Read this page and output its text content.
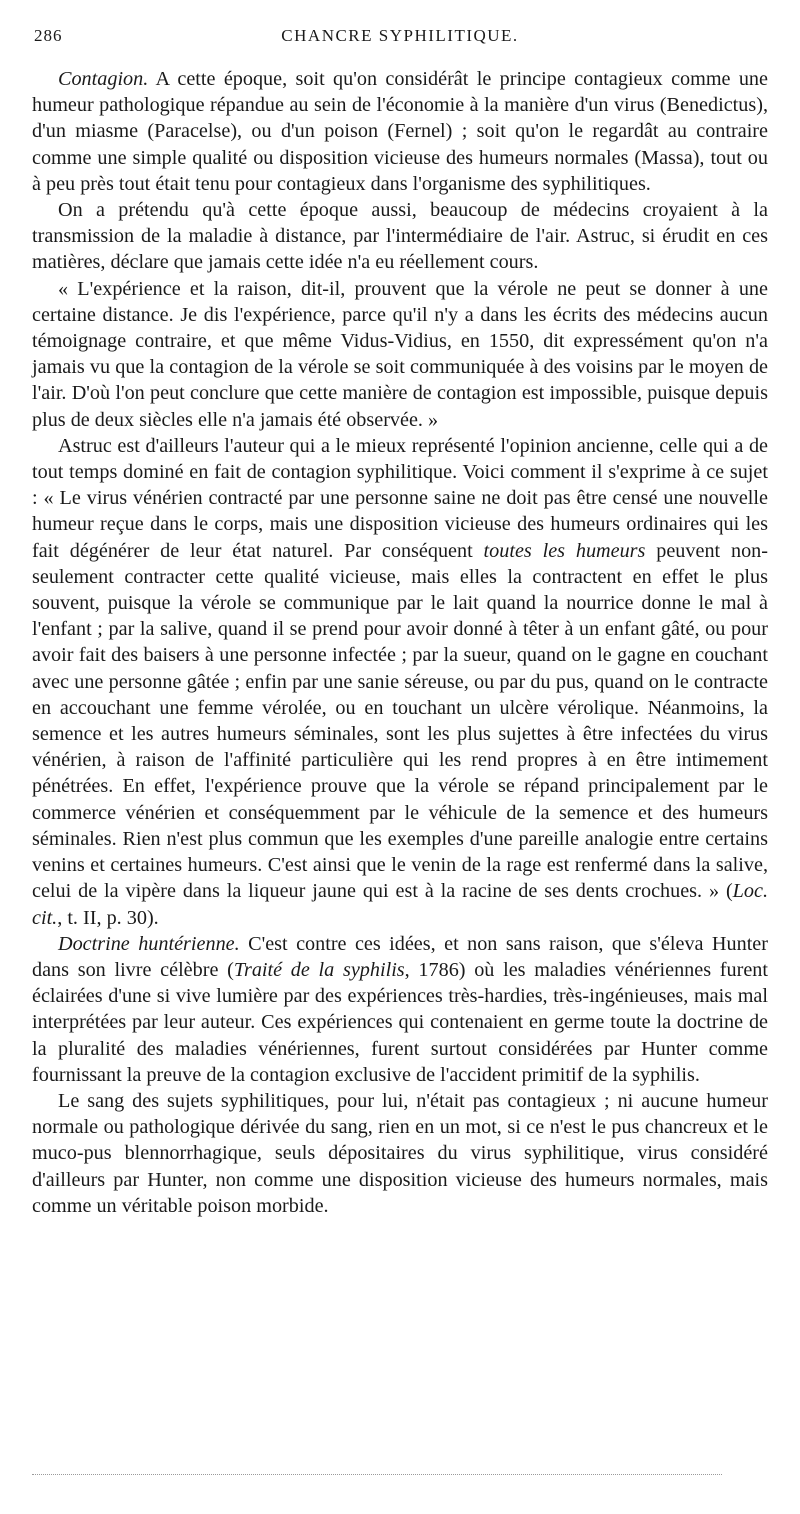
286	CHANCRE SYPHILITIQUE.

Contagion. A cette époque, soit qu'on considérât le principe contagieux comme une humeur pathologique répandue au sein de l'économie à la manière d'un virus (Benedictus), d'un miasme (Paracelse), ou d'un poison (Fernel) ; soit qu'on le regardât au contraire comme une simple qualité ou disposition vicieuse des humeurs normales (Massa), tout ou à peu près tout était tenu pour contagieux dans l'organisme des syphilitiques.

On a prétendu qu'à cette époque aussi, beaucoup de médecins croyaient à la transmission de la maladie à distance, par l'intermédiaire de l'air. Astruc, si érudit en ces matières, déclare que jamais cette idée n'a eu réellement cours.

« L'expérience et la raison, dit-il, prouvent que la vérole ne peut se donner à une certaine distance. Je dis l'expérience, parce qu'il n'y a dans les écrits des médecins aucun témoignage contraire, et que même Vidus-Vidius, en 1550, dit expressément qu'on n'a jamais vu que la contagion de la vérole se soit communiquée à des voisins par le moyen de l'air. D'où l'on peut conclure que cette manière de contagion est impossible, puisque depuis plus de deux siècles elle n'a jamais été observée. »

Astruc est d'ailleurs l'auteur qui a le mieux représenté l'opinion ancienne, celle qui a de tout temps dominé en fait de contagion syphilitique. Voici comment il s'exprime à ce sujet : « Le virus vénérien contracté par une personne saine ne doit pas être censé une nouvelle humeur reçue dans le corps, mais une disposition vicieuse des humeurs ordinaires qui les fait dégénérer de leur état naturel. Par conséquent toutes les humeurs peuvent non-seulement contracter cette qualité vicieuse, mais elles la contractent en effet le plus souvent, puisque la vérole se communique par le lait quand la nourrice donne le mal à l'enfant ; par la salive, quand il se prend pour avoir donné à têter à un enfant gâté, ou pour avoir fait des baisers à une personne infectée ; par la sueur, quand on le gagne en couchant avec une personne gâtée ; enfin par une sanie séreuse, ou par du pus, quand on le contracte en accouchant une femme vérolée, ou en touchant un ulcère vérolique. Néanmoins, la semence et les autres humeurs séminales, sont les plus sujettes à être infectées du virus vénérien, à raison de l'affinité particulière qui les rend propres à en être intimement pénétrées. En effet, l'expérience prouve que la vérole se répand principalement par le commerce vénérien et conséquemment par le véhicule de la semence et des humeurs séminales. Rien n'est plus commun que les exemples d'une pareille analogie entre certains venins et certaines humeurs. C'est ainsi que le venin de la rage est renfermé dans la salive, celui de la vipère dans la liqueur jaune qui est à la racine de ses dents crochues. » (Loc. cit., t. II, p. 30).

Doctrine huntérienne. C'est contre ces idées, et non sans raison, que s'éleva Hunter dans son livre célèbre (Traité de la syphilis, 1786) où les maladies vénériennes furent éclairées d'une si vive lumière par des expériences très-hardies, très-ingénieuses, mais mal interprétées par leur auteur. Ces expériences qui contenaient en germe toute la doctrine de la pluralité des maladies vénériennes, furent surtout considérées par Hunter comme fournissant la preuve de la contagion exclusive de l'accident primitif de la syphilis.

Le sang des sujets syphilitiques, pour lui, n'était pas contagieux ; ni aucune humeur normale ou pathologique dérivée du sang, rien en un mot, si ce n'est le pus chancreux et le muco-pus blennorrhagique, seuls dépositaires du virus syphilitique, virus considéré d'ailleurs par Hunter, non comme une disposition vicieuse des humeurs normales, mais comme un véritable poison morbide.
